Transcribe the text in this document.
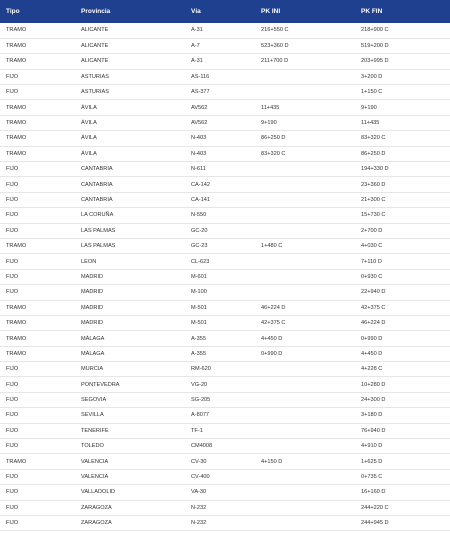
Tipo	Provincia	Vía	PK INI	PK FIN
TRAMO	ALICANTE	A-31	216+550 C	218+900 C
TRAMO	ALICANTE	A-7	523+360 D	519+200 D
TRAMO	ALICANTE	A-31	211+700 D	203+995 D
FIJO	ASTURIAS	AS-116		3+200 D
FIJO	ASTURIAS	AS-377		1+150 C
TRAMO	ÁVILA	AV562	11+435	9+190
TRAMO	ÁVILA	AV562	9+190	11+435
TRAMO	ÁVILA	N-403	86+250 D	83+320 C
TRAMO	ÁVILA	N-403	83+320 C	86+250 D
FIJO	CANTABRIA	N-611		194+330 D
FIJO	CANTABRIA	CA-142		23+360 D
FIJO	CANTABRIA	CA-141		21+300 C
FIJO	LA CORUÑA	N-550		15+730 C
FIJO	LAS PALMAS	GC-20		2+700 D
TRAMO	LAS PALMAS	GC-23	1+480 C	4+030 C
FIJO	LEON	CL-623		7+110 D
FIJO	MADRID	M-601		0+930 C
FIJO	MADRID	M-100		22+940 D
TRAMO	MADRID	M-501	46+224 D	42+375 C
TRAMO	MADRID	M-501	42+375 C	46+224 D
TRAMO	MÁLAGA	A-355	4+450 D	0+990 D
TRAMO	MÁLAGA	A-355	0+990 D	4+450 D
FIJO	MURCIA	RM-620		4+228 C
FIJO	PONTEVEDRA	VG-20		10+280 D
FIJO	SEGOVIA	SG-205		24+300 D
FIJO	SEVILLA	A-8077		3+180 D
FIJO	TENERIFE	TF-1		76+940 D
FIJO	TOLEDO	CM4008		4+910 D
TRAMO	VALENCIA	CV-30	4+150 D	1+625 D
FIJO	VALENCIA	CV-400		0+735 C
FIJO	VALLADOLID	VA-30		16+160 D
FIJO	ZARAGOZA	N-232		244+220 C
FIJO	ZARAGOZA	N-232		244+945 D
